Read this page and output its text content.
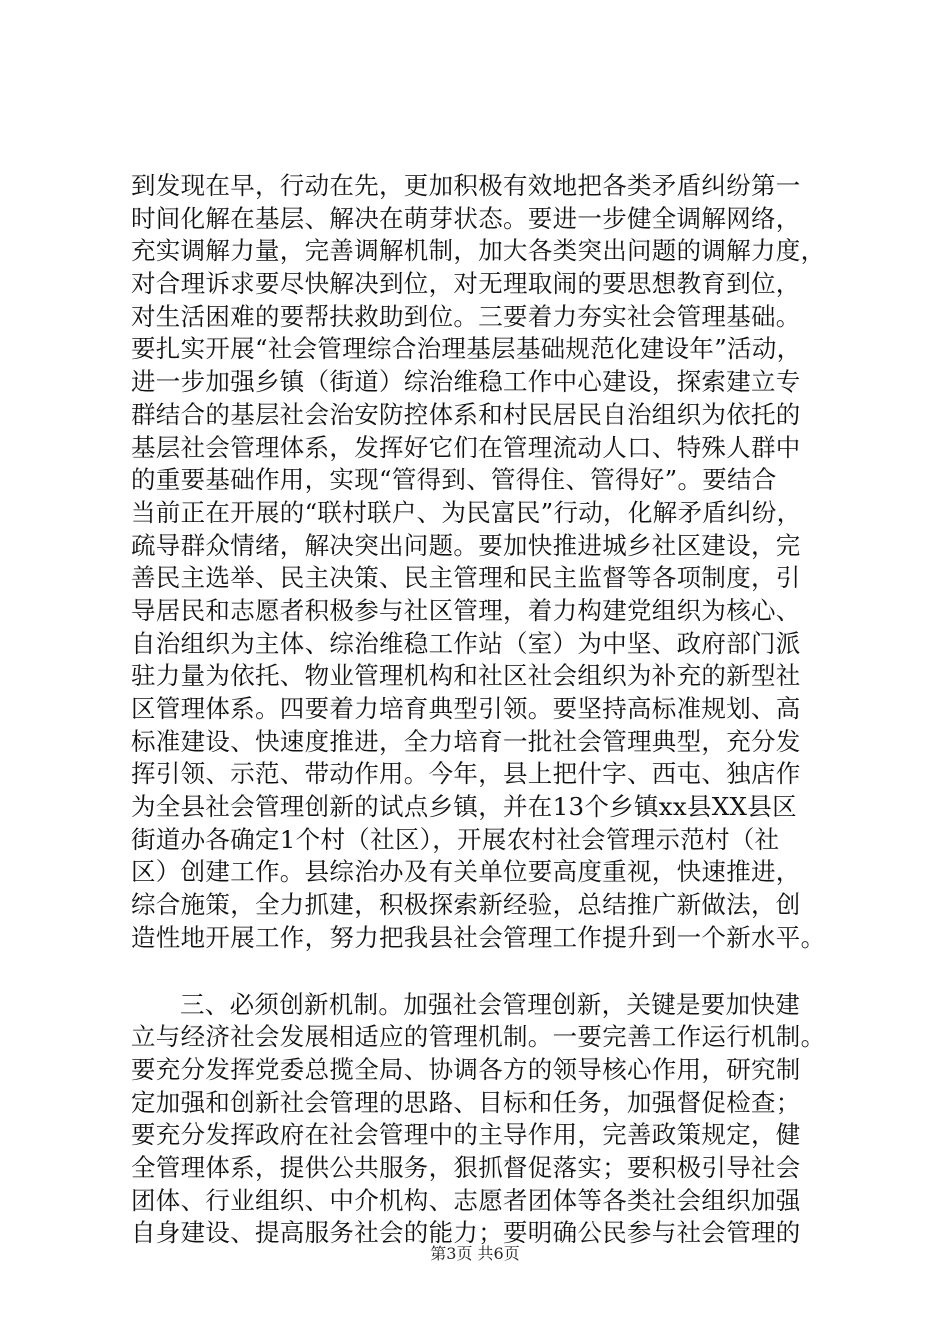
到发现在早，行动在先，更加积极有效地把各类矛盾纠纷第一
时间化解在基层、解决在萌芽状态。要进一步健全调解网络，
充实调解力量，完善调解机制，加大各类突出问题的调解力度，
对合理诉求要尽快解决到位，对无理取闹的要思想教育到位，
对生活困难的要帮扶救助到位。三要着力夯实社会管理基础。
要扎实开展“社会管理综合治理基层基础规范化建设年”活动，
进一步加强乡镇（街道）综治维稳工作中心建设，探索建立专
群结合的基层社会治安防控体系和村民居民自治组织为依托的
基层社会管理体系，发挥好它们在管理流动人口、特殊人群中
的重要基础作用，实现“管得到、管得住、管得好”。要结合
当前正在开展的“联村联户、为民富民”行动，化解矛盾纠纷，
疏导群众情绪，解决突出问题。要加快推进城乡社区建设，完
善民主选举、民主决策、民主管理和民主监督等各项制度，引
导居民和志愿者积极参与社区管理，着力构建党组织为核心、
自治组织为主体、综治维稳工作站（室）为中坚、政府部门派
驻力量为依托、物业管理机构和社区社会组织为补充的新型社
区管理体系。四要着力培育典型引领。要坚持高标准规划、高
标准建设、快速度推进，全力培育一批社会管理典型，充分发
挥引领、示范、带动作用。今年，县上把什字、西屯、独店作
为全县社会管理创新的试点乡镇，并在13个乡镇xx县XX县区
街道办各确定1个村（社区），开展农村社会管理示范村（社
区）创建工作。县综治办及有关单位要高度重视，快速推进，
综合施策，全力抓建，积极探索新经验，总结推广新做法，创
造性地开展工作，努力把我县社会管理工作提升到一个新水平。
三、必须创新机制。加强社会管理创新，关键是要加快建
立与经济社会发展相适应的管理机制。一要完善工作运行机制。
要充分发挥党委总揽全局、协调各方的领导核心作用，研究制
定加强和创新社会管理的思路、目标和任务，加强督促检查；
要充分发挥政府在社会管理中的主导作用，完善政策规定，健
全管理体系，提供公共服务，狠抓督促落实；要积极引导社会
团体、行业组织、中介机构、志愿者团体等各类社会组织加强
自身建设、提高服务社会的能力；要明确公民参与社会管理的
第3页 共6页
